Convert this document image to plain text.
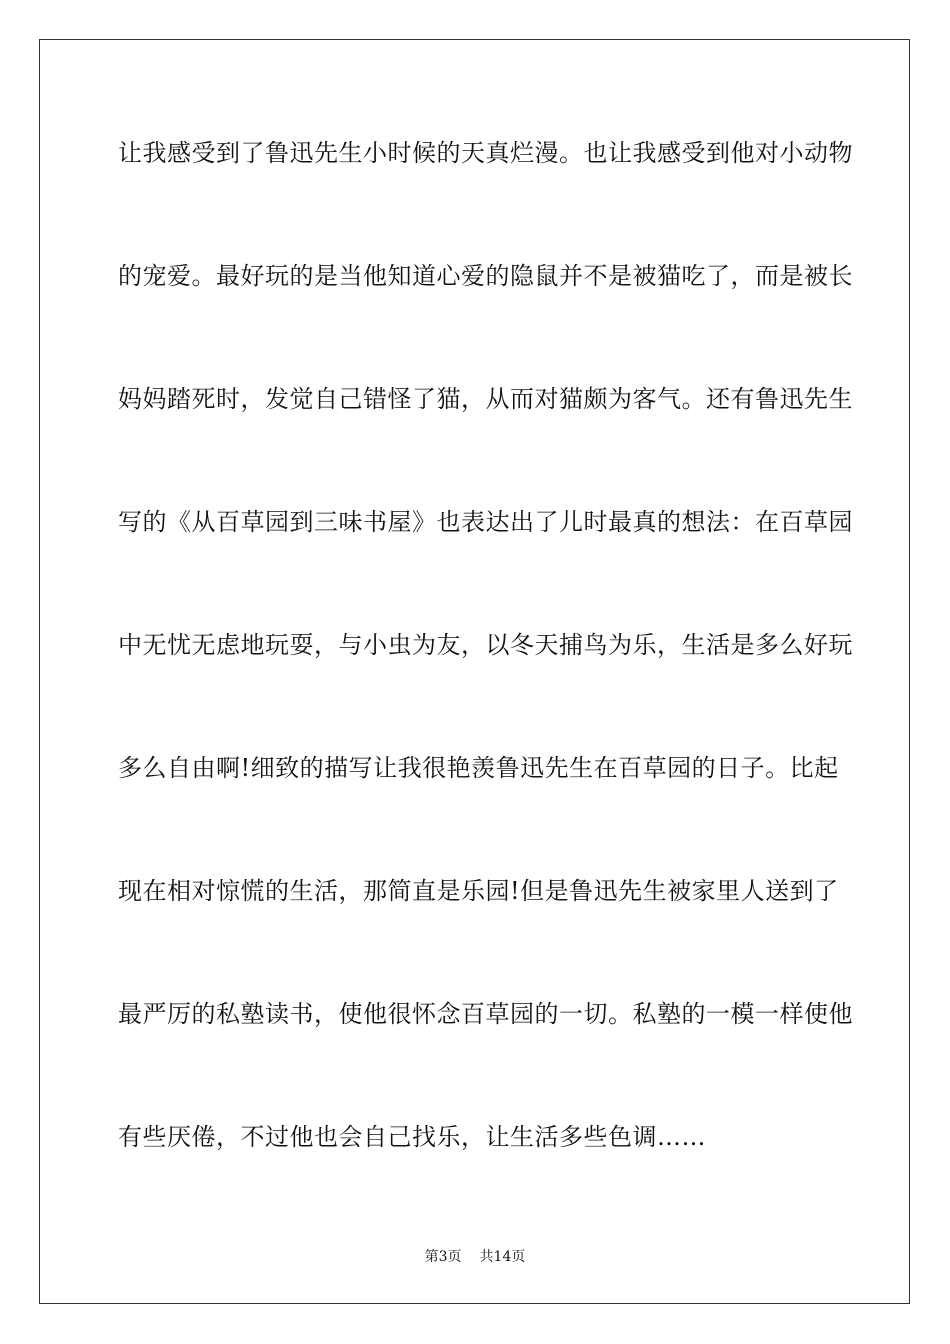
让我感受到了鲁迅先生小时候的天真烂漫。也让我感受到他对小动物
的宠爱。最好玩的是当他知道心爱的隐鼠并不是被猫吃了，而是被长
妈妈踏死时，发觉自己错怪了猫，从而对猫颇为客气。还有鲁迅先生
写的《从百草园到三味书屋》也表达出了儿时最真的想法：在百草园
中无忧无虑地玩耍，与小虫为友，以冬天捕鸟为乐，生活是多么好玩
多么自由啊!细致的描写让我很艳羡鲁迅先生在百草园的日子。比起
现在相对惊慌的生活，那简直是乐园!但是鲁迅先生被家里人送到了
最严厉的私塾读书，使他很怀念百草园的一切。私塾的一模一样使他
有些厌倦，不过他也会自己找乐，让生活多些色调……
第3页 共14页
